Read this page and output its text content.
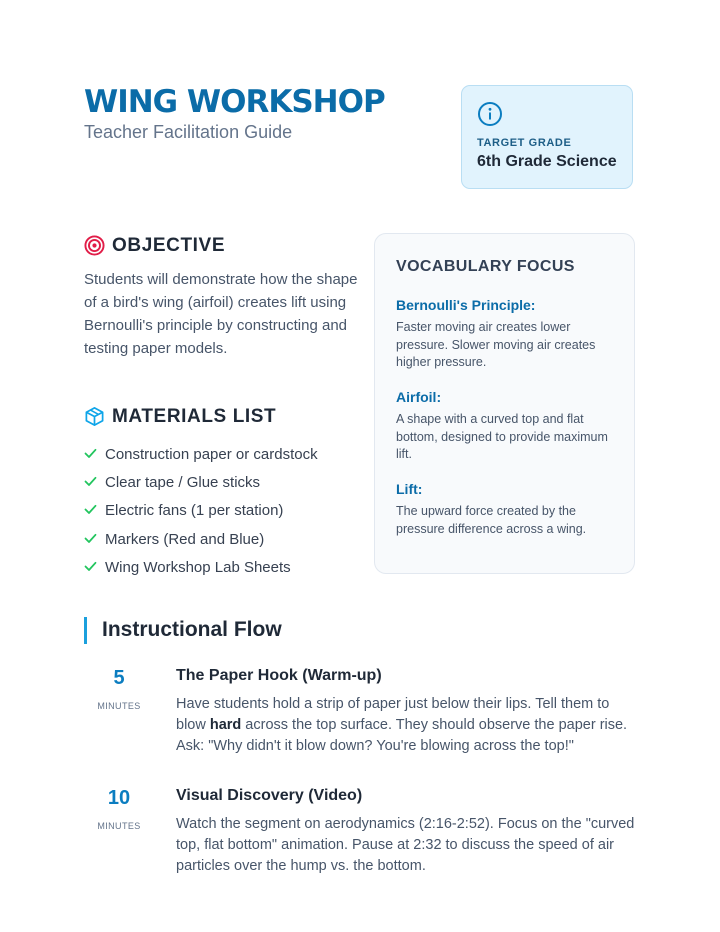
WING WORKSHOP
Teacher Facilitation Guide
TARGET GRADE
6th Grade Science
OBJECTIVE
Students will demonstrate how the shape of a bird's wing (airfoil) creates lift using Bernoulli's principle by constructing and testing paper models.
MATERIALS LIST
Construction paper or cardstock
Clear tape / Glue sticks
Electric fans (1 per station)
Markers (Red and Blue)
Wing Workshop Lab Sheets
VOCABULARY FOCUS
Bernoulli's Principle:
Faster moving air creates lower pressure. Slower moving air creates higher pressure.
Airfoil:
A shape with a curved top and flat bottom, designed to provide maximum lift.
Lift:
The upward force created by the pressure difference across a wing.
Instructional Flow
5
MINUTES
The Paper Hook (Warm-up)
Have students hold a strip of paper just below their lips. Tell them to blow hard across the top surface. They should observe the paper rise. Ask: "Why didn't it blow down? You're blowing across the top!"
10
MINUTES
Visual Discovery (Video)
Watch the segment on aerodynamics (2:16-2:52). Focus on the "curved top, flat bottom" animation. Pause at 2:32 to discuss the speed of air particles over the hump vs. the bottom.
